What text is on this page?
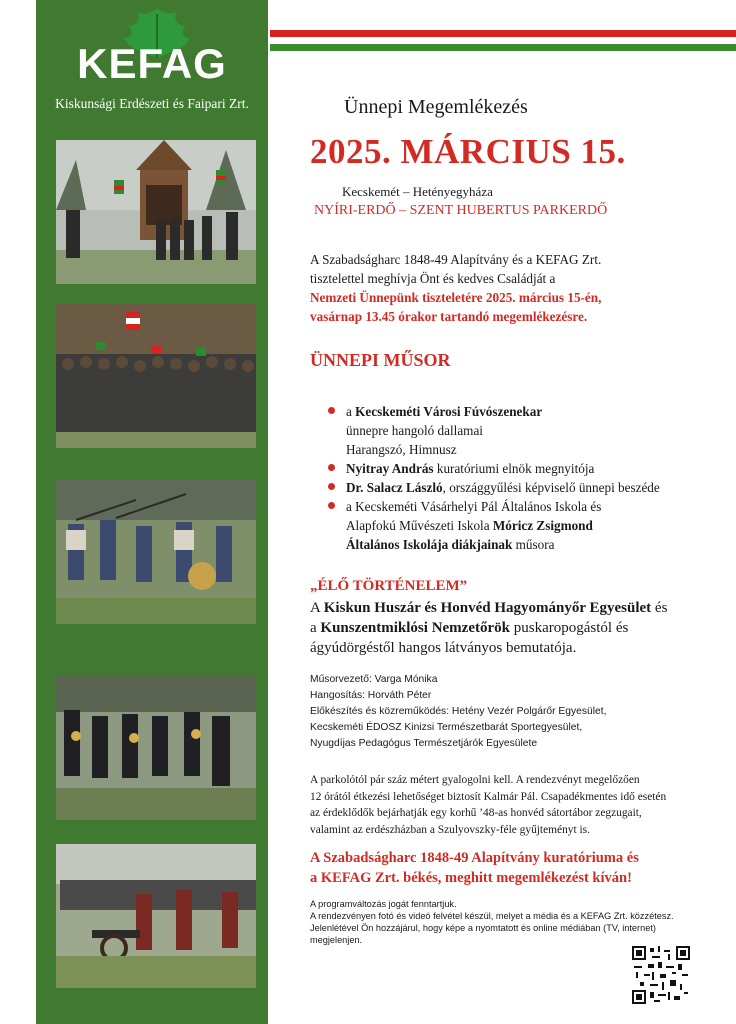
KEFAG
Kiskunsági Erdészeti és Faipari Zrt.	Ünnepi Megemlékezés
2025. MÁRCIUS 15.
Kecskemét – Hetényegyháza
NYÍRI-ERDŐ – SZENT HUBERTUS PARKERDŐ
A Szabadságharc 1848-49 Alapítvány és a KEFAG Zrt.
tisztelettel meghívja Önt és kedves Családját a
Nemzeti Ünnepünk tiszteletére 2025. március 15-én,
vasárnap 13.45 órakor tartandó megemlékezésre.
ÜNNEPI MŰSOR
a Kecskeméti Városi Fúvószenekar
ünnepre hangoló dallamai
Harangszó, Himnusz
Nyitray András kuratóriumi elnök megnyitója
Dr. Salacz László, országgyűlési képviselő ünnepi beszéde
a Kecskeméti Vásárhelyi Pál Általános Iskola és
Alapfokú Művészeti Iskola Móricz Zsigmond
Általános Iskolája diákjainak műsora
„ÉLŐ TÖRTÉNELEM”
A Kiskun Huszár és Honvéd Hagyományőr Egyesület és
a Kunszentmiklósi Nemzetőrök puskaropogástól és
ágyúdörgéstől hangos látványos bemutatója.
Műsorvezető: Varga Mónika
Hangosítás: Horváth Péter
Előkészítés és közreműködés: Hetény Vezér Polgárőr Egyesület,
Kecskeméti ÉDOSZ Kinizsi Természetbarát Sportegyesület,
Nyugdíjas Pedagógus Természetjárók Egyesülete
A parkolótól pár száz métert gyalogolni kell. A rendezvényt megelőzően
12 órától étkezési lehetőséget biztosít Kalmár Pál. Csapadékmentes idő esetén
az érdeklődők bejárhatják egy korhű ’48-as honvéd sátortábor zegzugait,
valamint az erdészházban a Szulyovszky-féle gyűjteményt is.
A Szabadságharc 1848-49 Alapítvány kuratóriuma és
a KEFAG Zrt. békés, meghitt megemlékezést kíván!
A programváltozás jogát fenntartjuk.
A rendezvényen fotó és videó felvétel készül, melyet a média és a KEFAG Zrt. közzétesz.
Jelenlétével Ön hozzájárul, hogy képe a nyomtatott és online médiában (TV, internet)
megjelenjen.
